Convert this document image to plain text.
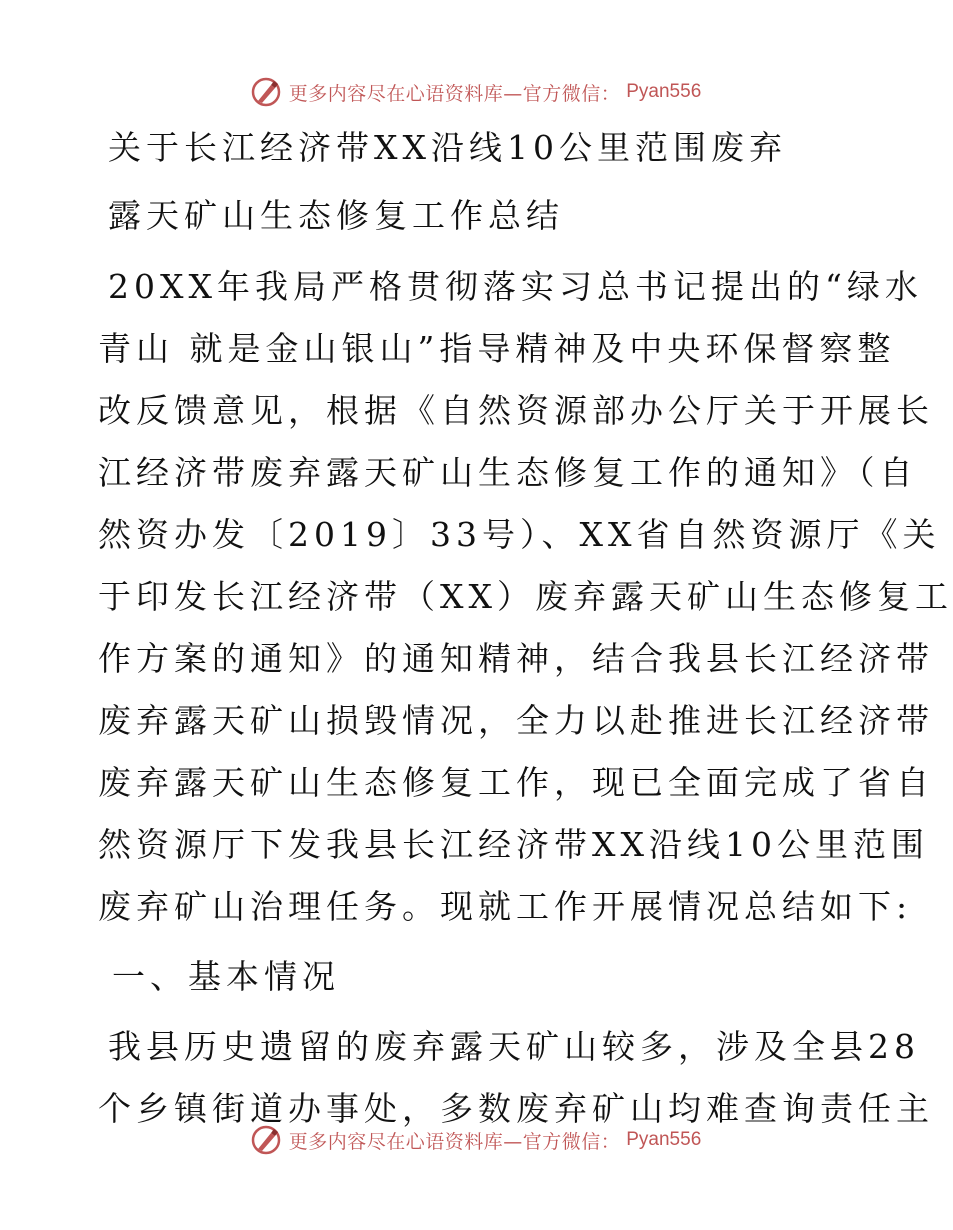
更多内容尽在心语资料库—官方微信： Pyan556
关于长江经济带XX沿线10公里范围废弃
露天矿山生态修复工作总结
20XX年我局严格贯彻落实习总书记提出的“绿水
青山 就是金山银山”指导精神及中央环保督察整
改反馈意见，根据《自然资源部办公厅关于开展长
江经济带废弃露天矿山生态修复工作的通知》（自
然资办发〔2019〕33号）、XX省自然资源厅《关
于印发长江经济带（XX）废弃露天矿山生态修复工
作方案的通知》的通知精神，结合我县长江经济带
废弃露天矿山损毁情况，全力以赴推进长江经济带
废弃露天矿山生态修复工作，现已全面完成了省自
然资源厅下发我县长江经济带XX沿线10公里范围
废弃矿山治理任务。现就工作开展情况总结如下:
一、基本情况
我县历史遗留的废弃露天矿山较多，涉及全县28
个乡镇街道办事处，多数废弃矿山均难查询责任主
更多内容尽在心语资料库—官方微信： Pyan556
